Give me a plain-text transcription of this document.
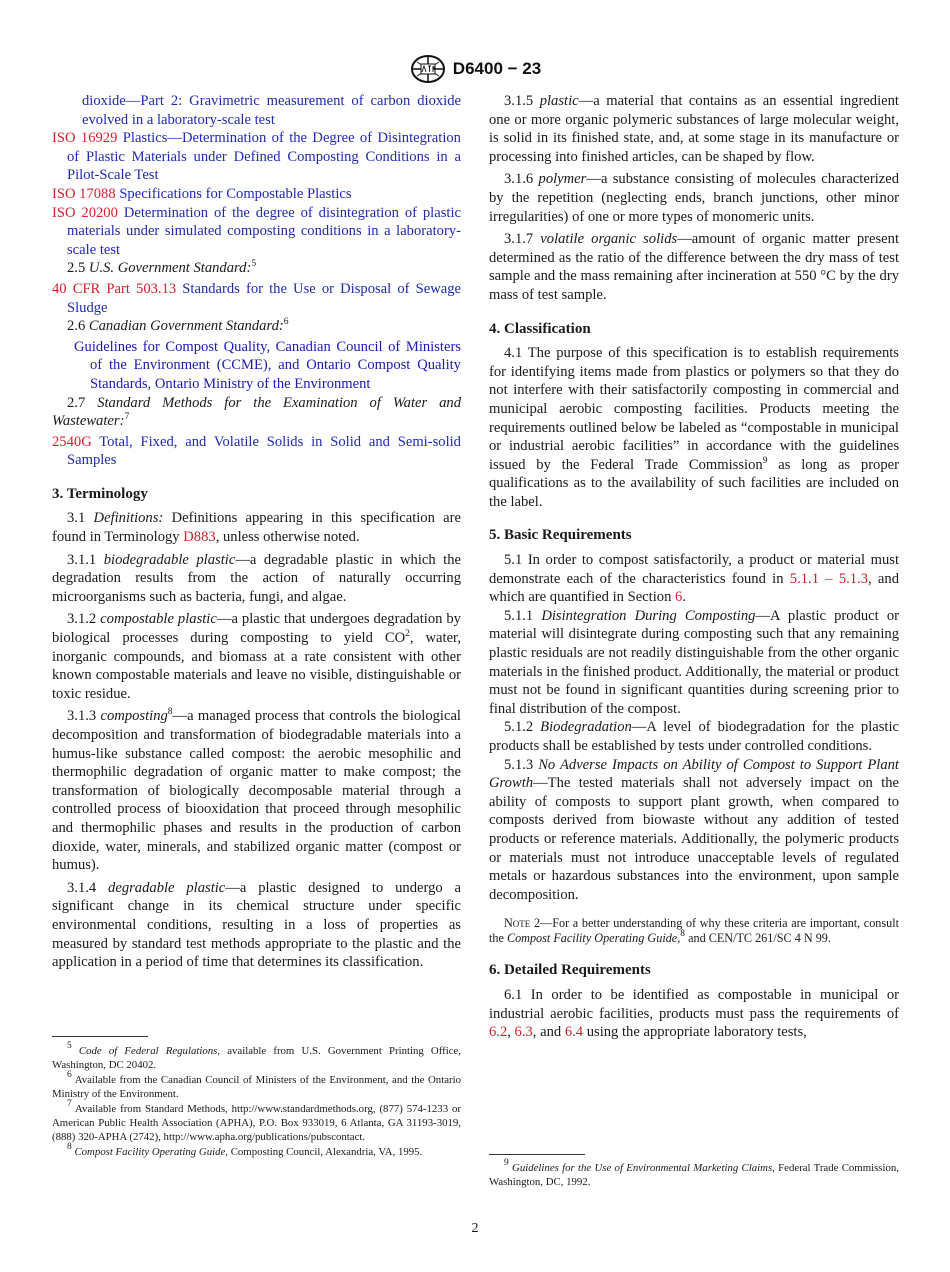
D6400 − 23

dioxide—Part 2: Gravimetric measurement of carbon dioxide evolved in a laboratory-scale test

ISO 16929 Plastics—Determination of the Degree of Disintegration of Plastic Materials under Defined Composting Conditions in a Pilot-Scale Test

ISO 17088 Specifications for Compostable Plastics

ISO 20200 Determination of the degree of disintegration of plastic materials under simulated composting conditions in a laboratory-scale test

2.5 U.S. Government Standard:$^5$

40 CFR Part 503.13 Standards for the Use or Disposal of Sewage Sludge

2.6 Canadian Government Standard:$^6$

Guidelines for Compost Quality, Canadian Council of Ministers of the Environment (CCME), and Ontario Compost Quality Standards, Ontario Ministry of the Environment

2.7 Standard Methods for the Examination of Water and Wastewater:$^7$

2540G Total, Fixed, and Volatile Solids in Solid and Semi-solid Samples

3. Terminology

3.1 Definitions: Definitions appearing in this specification are found in Terminology D883, unless otherwise noted.

3.1.1 biodegradable plastic—a degradable plastic in which the degradation results from the action of naturally occurring microorganisms such as bacteria, fungi, and algae.

3.1.2 compostable plastic—a plastic that undergoes degradation by biological processes during composting to yield $CO^2$, water, inorganic compounds, and biomass at a rate consistent with other known compostable materials and leave no visible, distinguishable or toxic residue.

3.1.3 composting$^8$—a managed process that controls the biological decomposition and transformation of biodegradable materials into a humus-like substance called compost: the aerobic mesophilic and thermophilic degradation of organic matter to make compost; the transformation of biologically decomposable material through a controlled process of biooxidation that proceed through mesophilic and thermophilic phases and results in the production of carbon dioxide, water, minerals, and stabilized organic matter (compost or humus).

3.1.4 degradable plastic—a plastic designed to undergo a significant change in its chemical structure under specific environmental conditions, resulting in a loss of properties as measured by standard test methods appropriate to the plastic and the application in a period of time that determines its classification.

$^5$ Code of Federal Regulations, available from U.S. Government Printing Office, Washington, DC 20402.

$^6$ Available from the Canadian Council of Ministers of the Environment, and the Ontario Ministry of the Environment.

$^7$ Available from Standard Methods, http://www.standardmethods.org, (877) 574-1233 or American Public Health Association (APHA), P.O. Box 933019, 6 Atlanta, GA 31193-3019, (888) 320-APHA (2742), http://www.apha.org/publications/pubscontact.

$^8$ Compost Facility Operating Guide, Composting Council, Alexandria, VA, 1995.

3.1.5 plastic—a material that contains as an essential ingredient one or more organic polymeric substances of large molecular weight, is solid in its finished state, and, at some stage in its manufacture or processing into finished articles, can be shaped by flow.

3.1.6 polymer—a substance consisting of molecules characterized by the repetition (neglecting ends, branch junctions, other minor irregularities) of one or more types of monomeric units.

3.1.7 volatile organic solids—amount of organic matter present determined as the ratio of the difference between the dry mass of test sample and the mass remaining after incineration at 550 °C by the dry mass of test sample.

4. Classification

4.1 The purpose of this specification is to establish requirements for identifying items made from plastics or polymers so that they do not interfere with their satisfactorily composting in commercial and municipal aerobic composting facilities. Products meeting the requirements outlined below be labeled as “compostable in municipal or industrial aerobic facilities” in accordance with the guidelines issued by the Federal Trade Commission$^9$ as long as proper qualifications as to the availability of such facilities are included on the label.

5. Basic Requirements

5.1 In order to compost satisfactorily, a product or material must demonstrate each of the characteristics found in 5.1.1 – 5.1.3, and which are quantified in Section 6.

5.1.1 Disintegration During Composting—A plastic product or material will disintegrate during composting such that any remaining plastic residuals are not readily distinguishable from the other organic materials in the finished product. Additionally, the material or product must not be found in significant quantities during screening prior to final distribution of the compost.

5.1.2 Biodegradation—A level of biodegradation for the plastic products shall be established by tests under controlled conditions.

5.1.3 No Adverse Impacts on Ability of Compost to Support Plant Growth—The tested materials shall not adversely impact on the ability of composts to support plant growth, when compared to composts derived from biowaste without any addition of tested products or reference materials. Additionally, the polymeric products or materials must not introduce unacceptable levels of regulated metals or hazardous substances into the environment, upon sample decomposition.

Note 2—For a better understanding of why these criteria are important, consult the Compost Facility Operating Guide,$^8$ and CEN/TC 261/SC 4 N 99.

6. Detailed Requirements

6.1 In order to be identified as compostable in municipal or industrial aerobic facilities, products must pass the requirements of 6.2, 6.3, and 6.4 using the appropriate laboratory tests,

$^9$ Guidelines for the Use of Environmental Marketing Claims, Federal Trade Commission, Washington, DC, 1992.

2
